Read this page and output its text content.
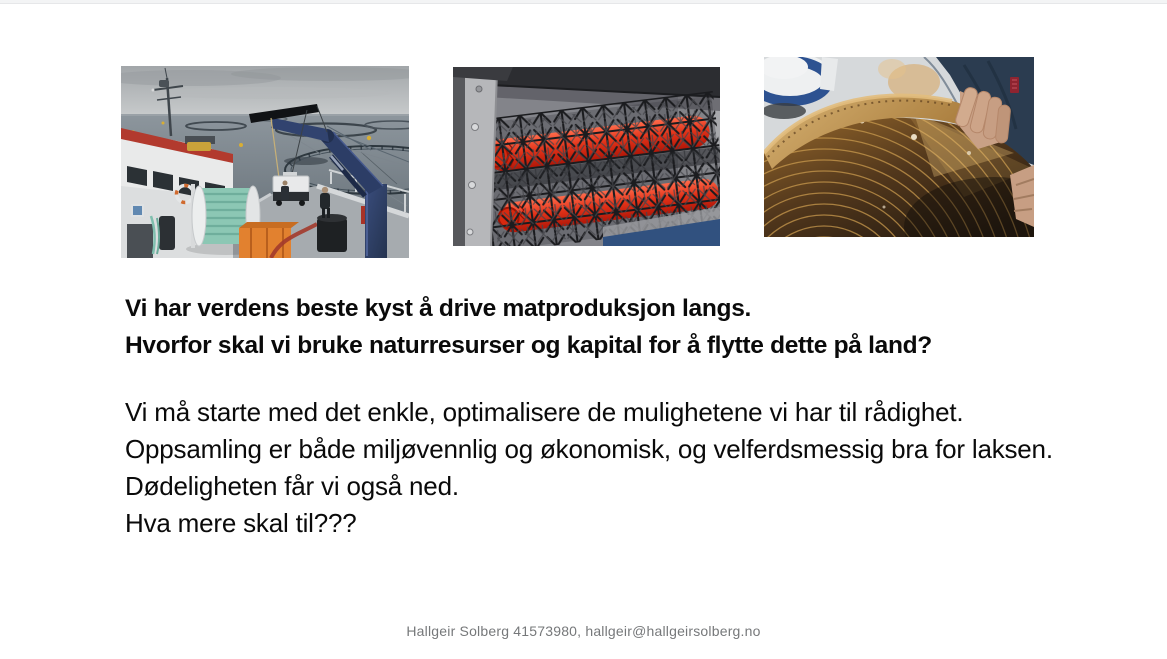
Vi har verdens beste kyst å drive matproduksjon langs.
Hvorfor skal vi bruke naturresurser og kapital for å flytte dette på land?
Vi må starte med det enkle, optimalisere de mulighetene vi har til rådighet.
Oppsamling er både miljøvennlig og økonomisk, og velferdsmessig bra for laksen.
Dødeligheten får vi også ned.
Hva mere skal til???
Hallgeir Solberg 41573980, hallgeir@hallgeirsolberg.no
